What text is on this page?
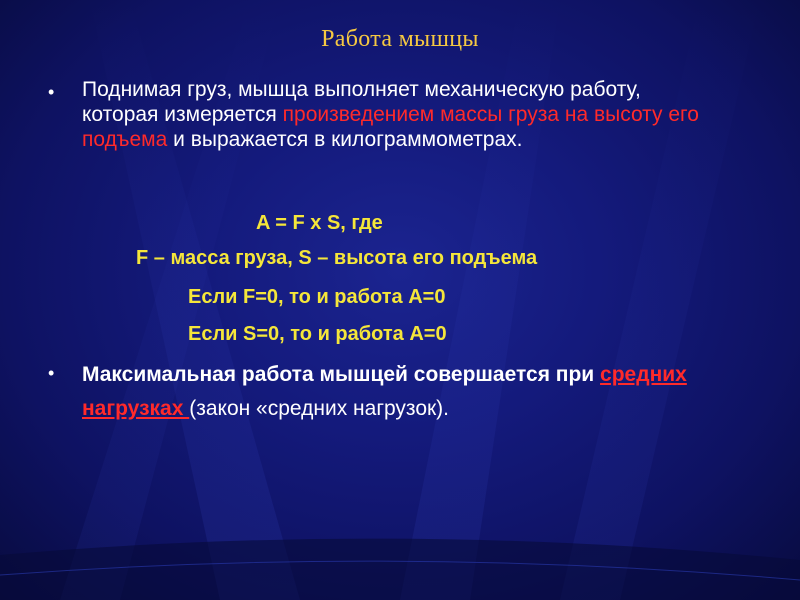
Работа мышцы
• Поднимая груз, мышца выполняет механическую работу, которая измеряется произведением массы груза на высоту его подъема и выражается в килограммометрах.
A = F x S, где
F – масса груза, S – высота его подъема
Если F=0, то и работа A=0
Если S=0, то и работа A=0
• Максимальная работа мышцей совершается при средних нагрузках (закон «средних нагрузок).
